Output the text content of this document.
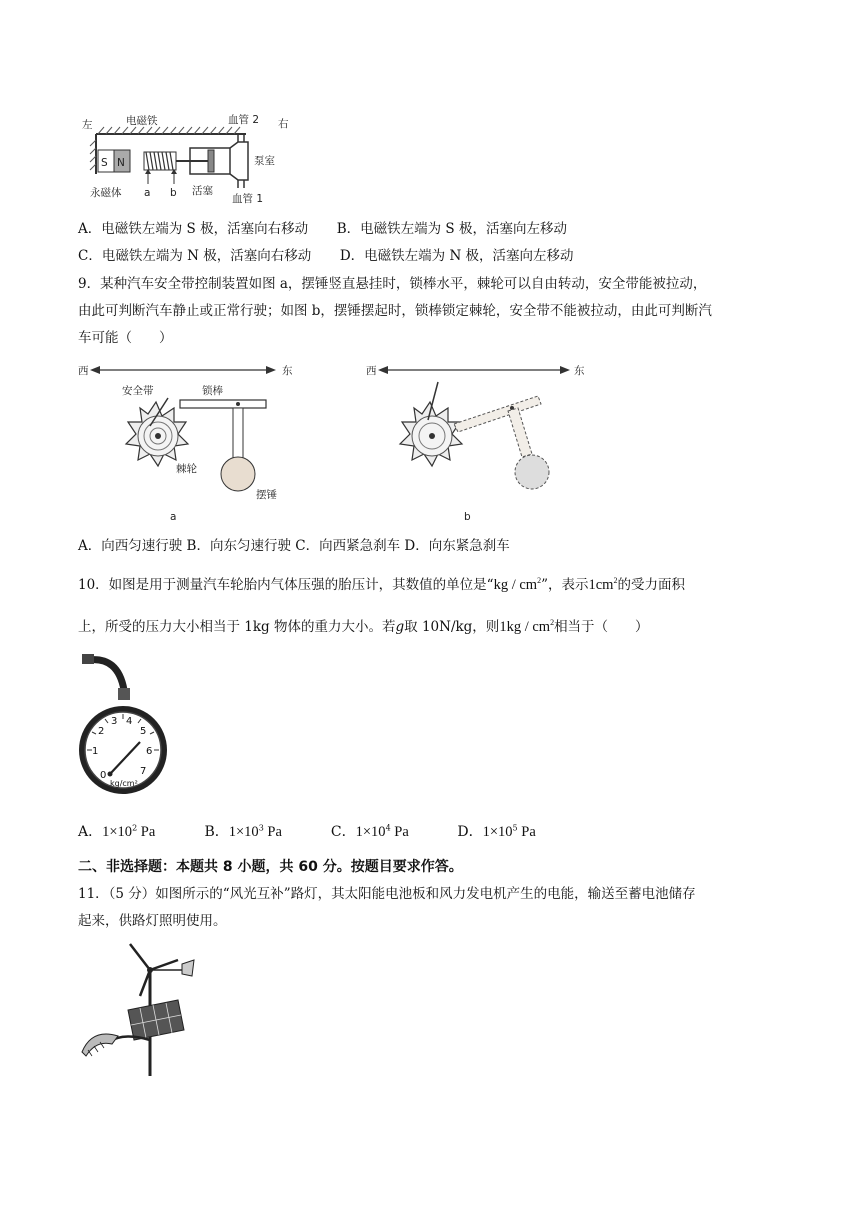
S N
左	电磁铁	血管 2 右
泵室
永磁体 a b 活塞
血管 1
A．电磁铁左端为 S 极，活塞向右移动 B．电磁铁左端为 S 极，活塞向左移动
C．电磁铁左端为 N 极，活塞向右移动 D．电磁铁左端为 N 极，活塞向左移动
9．某种汽车安全带控制装置如图 a，摆锤竖直悬挂时，锁棒水平，棘轮可以自由转动，安全带能被拉动，
由此可判断汽车静止或正常行驶；如图 b，摆锤摆起时，锁棒锁定棘轮，安全带不能被拉动，由此可判断汽
车可能（　　）
西	东
安全带	锁棒
棘轮
摆锤
a
西	东
b
A．向西匀速行驶 B．向东匀速行驶 C．向西紧急刹车 D．向东紧急刹车
10．如图是用于测量汽车轮胎内气体压强的胎压计，其数值的单位是“kg / $cm^2$”，表示$1cm^2$的受力面积
上，所受的压力大小相当于 1kg 物体的重力大小。若g取 10N/kg，则$1kg / cm^2$相当于（　　）
0
1
2
3 4
5
6
7
kg/cm²
A．$1\times 10^2$ Pa	B．$1\times 10^3$ Pa	C．$1\times 10^4$ Pa	D．$1\times 10^5$ Pa
二、非选择题：本题共 8 小题，共 60 分。按题目要求作答。
11．（5 分）如图所示的“风光互补”路灯，其太阳能电池板和风力发电机产生的电能，输送至蓄电池储存
起来，供路灯照明使用。
